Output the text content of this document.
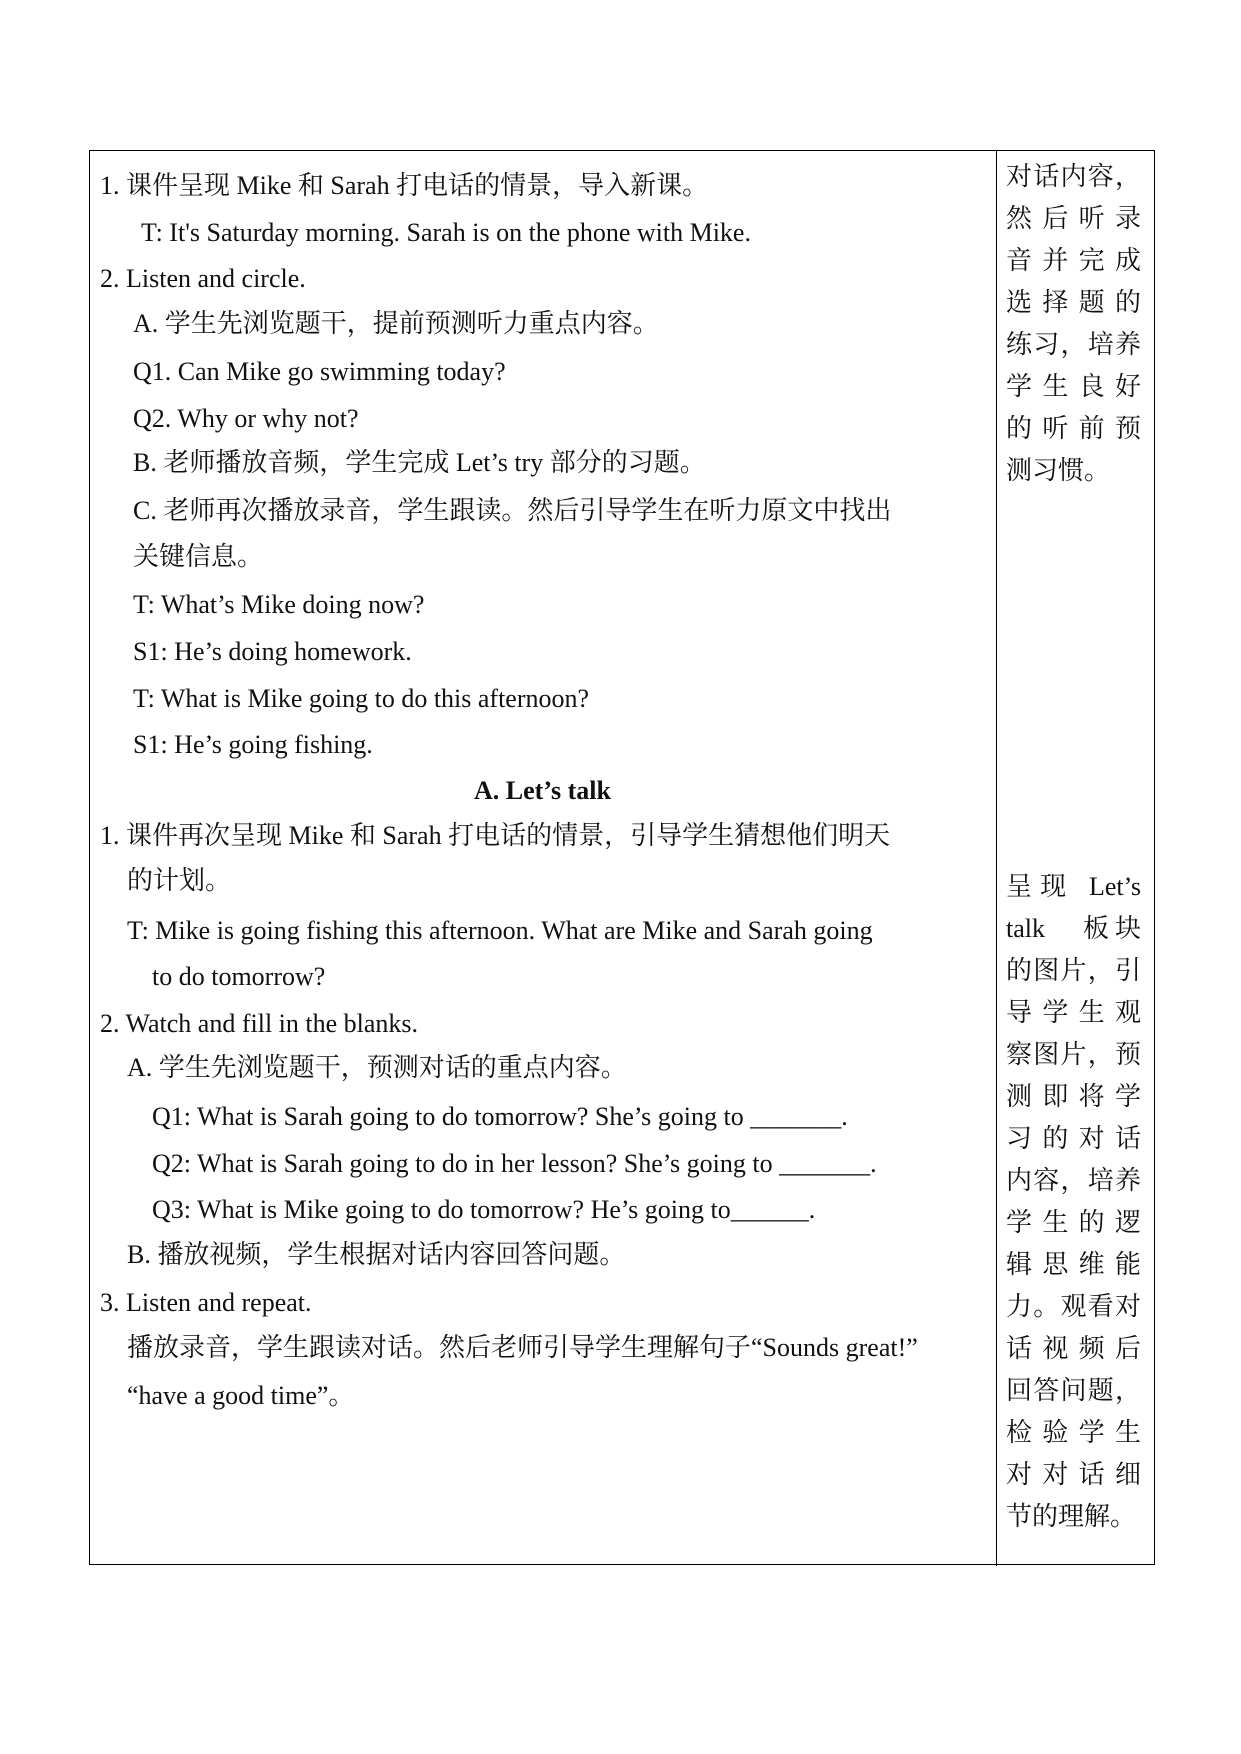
1. 课件呈现 Mike 和 Sarah 打电话的情景，导入新课。
T: It's Saturday morning. Sarah is on the phone with Mike.
2. Listen and circle.
A. 学生先浏览题干，提前预测听力重点内容。
Q1. Can Mike go swimming today?
Q2. Why or why not?
B. 老师播放音频，学生完成 Let’s try 部分的习题。
C. 老师再次播放录音，学生跟读。然后引导学生在听力原文中找出
关键信息。
T: What’s Mike doing now?
S1: He’s doing homework.
T: What is Mike going to do this afternoon?
S1: He’s going fishing.
A. Let’s talk
1. 课件再次呈现 Mike 和 Sarah 打电话的情景，引导学生猜想他们明天
的计划。
T: Mike is going fishing this afternoon. What are Mike and Sarah going
to do tomorrow?
2. Watch and fill in the blanks.
A. 学生先浏览题干，预测对话的重点内容。
Q1: What is Sarah going to do tomorrow? She’s going to _______.
Q2: What is Sarah going to do in her lesson? She’s going to _______.
Q3: What is Mike going to do tomorrow? He’s going to______.
B. 播放视频，学生根据对话内容回答问题。
3. Listen and repeat.
播放录音，学生跟读对话。然后老师引导学生理解句子“Sounds great!”
“have a good time”。
对话内容，
然后听录
音并完成
选择题的
练习，培养
学生良好
的听前预
测习惯。
呈现 Let’s
talk　板块
的图片，引
导学生观
察图片，预
测即将学
习的对话
内容，培养
学生的逻
辑思维能
力。观看对
话视频后
回答问题，
检验学生
对对话细
节的理解。
